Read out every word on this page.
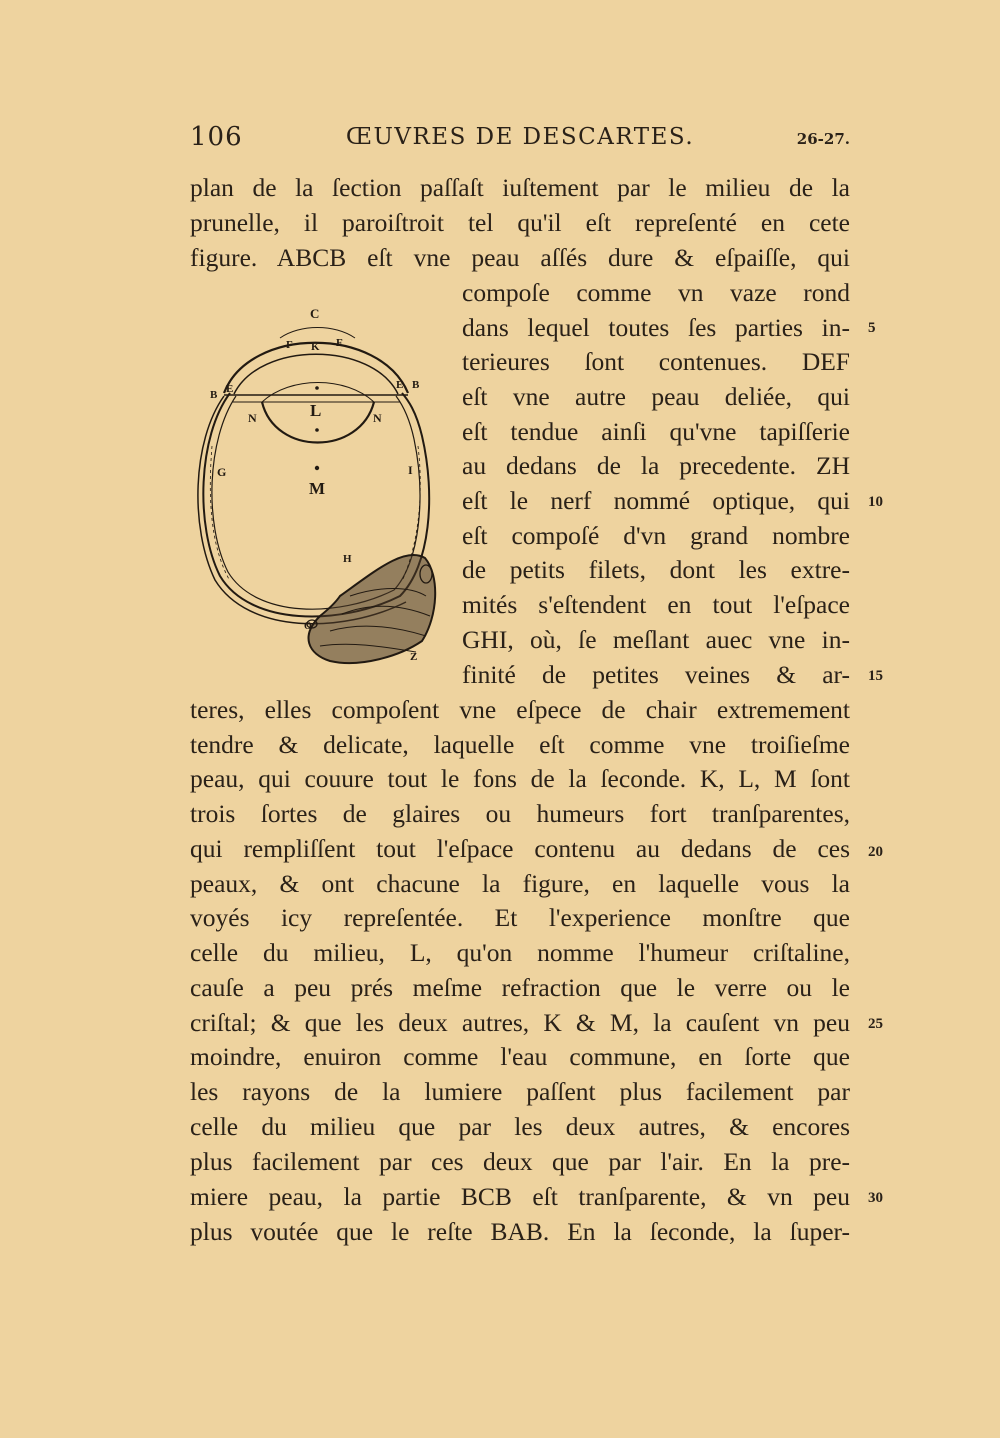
106	ŒUVRES DE DESCARTES.	26-27.
plan de la ſection paſſaſt iuſtement par le milieu de la
prunelle, il paroiſtroit tel qu'il eſt repreſenté en cete
figure. ABCB eſt vne peau aſſés dure & eſpaiſſe, qui
compoſe comme vn vaze rond
dans lequel toutes ſes parties in-
terieures ſont contenues. DEF
eſt vne autre peau deliée, qui
eſt tendue ainſi qu'vne tapiſſerie
au dedans de la precedente. ZH
eſt le nerf nommé optique, qui
eſt compoſé d'vn grand nombre
de petits filets, dont les extre-
mités s'eſtendent en tout l'eſpace
GHI, où, ſe meſlant auec vne in-
finité de petites veines & ar-
teres, elles compoſent vne eſpece de chair extremement
tendre & delicate, laquelle eſt comme vne troiſieſme
peau, qui couure tout le fons de la ſeconde. K, L, M ſont
trois ſortes de glaires ou humeurs fort tranſparentes,
qui rempliſſent tout l'eſpace contenu au dedans de ces
peaux, & ont chacune la figure, en laquelle vous la
voyés icy repreſentée. Et l'experience monſtre que
celle du milieu, L, qu'on nomme l'humeur criſtaline,
cauſe a peu prés meſme refraction que le verre ou le
criſtal; & que les deux autres, K & M, la cauſent vn peu
moindre, enuiron comme l'eau commune, en ſorte que
les rayons de la lumiere paſſent plus facilement par
celle du milieu que par les deux autres, & encores
plus facilement par ces deux que par l'air. En la pre-
miere peau, la partie BCB eſt tranſparente, & vn peu
plus voutée que le reſte BAB. En la ſeconde, la ſuper-
5
10
15
20
25
30
C
F K F
B E	E B
N	N
L
G	I
M
H
O
Z
